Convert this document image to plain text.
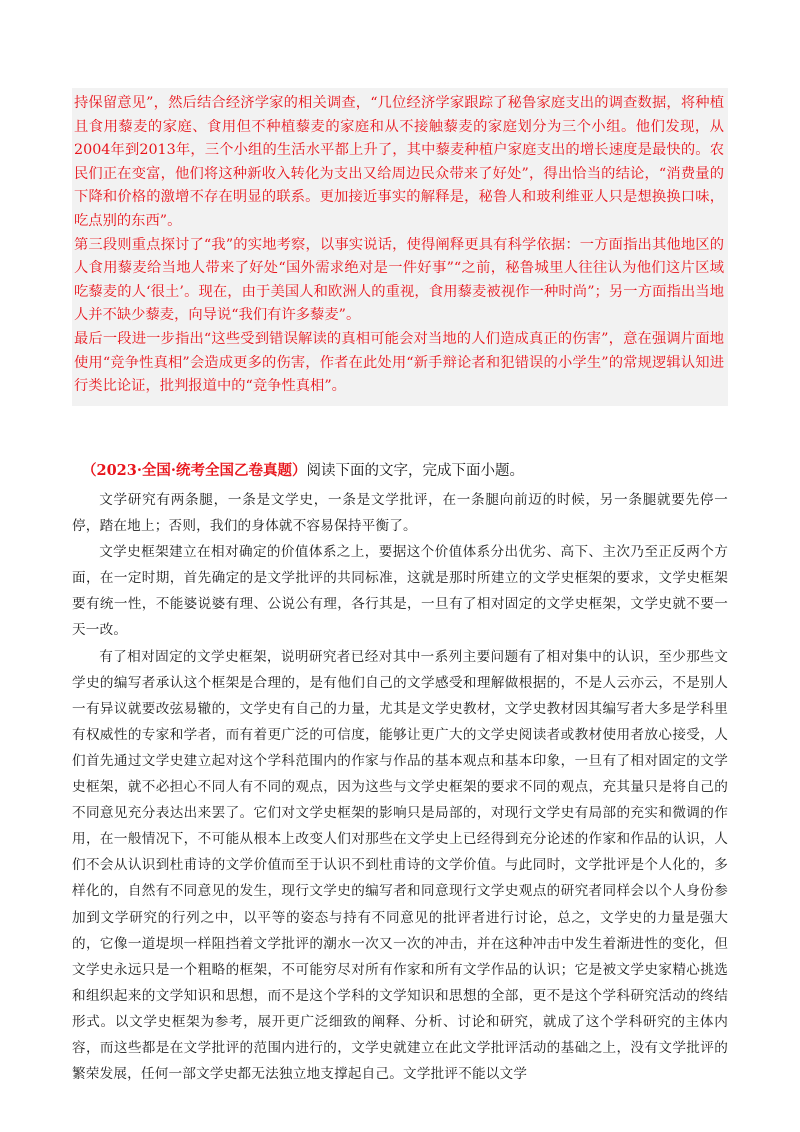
持保留意见”，然后结合经济学家的相关调查，“几位经济学家跟踪了秘鲁家庭支出的调查数据，将种植且食用藜麦的家庭、食用但不种植藜麦的家庭和从不接触藜麦的家庭划分为三个小组。他们发现，从2004年到2013年，三个小组的生活水平都上升了，其中藜麦种植户家庭支出的增长速度是最快的。农民们正在变富，他们将这种新收入转化为支出又给周边民众带来了好处”，得出恰当的结论，“消费量的下降和价格的激增不存在明显的联系。更加接近事实的解释是，秘鲁人和玻利维亚人只是想换换口味，吃点别的东西”。

第三段则重点探讨了“我”的实地考察，以事实说话，使得阐释更具有科学依据：一方面指出其他地区的人食用藜麦给当地人带来了好处“国外需求绝对是一件好事”“之前，秘鲁城里人往往认为他们这片区域吃藜麦的人‘很土’。现在，由于美国人和欧洲人的重视，食用藜麦被视作一种时尚”；另一方面指出当地人并不缺少藜麦，向导说“我们有许多藜麦”。

最后一段进一步指出“这些受到错误解读的真相可能会对当地的人们造成真正的伤害”，意在强调片面地使用“竞争性真相”会造成更多的伤害，作者在此处用“新手辩论者和犯错误的小学生”的常规逻辑认知进行类比论证，批判报道中的“竞争性真相”。

（2023·全国·统考全国乙卷真题）阅读下面的文字，完成下面小题。

文学研究有两条腿，一条是文学史，一条是文学批评，在一条腿向前迈的时候，另一条腿就要先停一停，踏在地上；否则，我们的身体就不容易保持平衡了。

文学史框架建立在相对确定的价值体系之上，要据这个价值体系分出优劣、高下、主次乃至正反两个方面，在一定时期，首先确定的是文学批评的共同标准，这就是那时所建立的文学史框架的要求，文学史框架要有统一性，不能婆说婆有理、公说公有理，各行其是，一旦有了相对固定的文学史框架，文学史就不要一天一改。

有了相对固定的文学史框架，说明研究者已经对其中一系列主要问题有了相对集中的认识，至少那些文学史的编写者承认这个框架是合理的，是有他们自己的文学感受和理解做根据的，不是人云亦云，不是别人一有异议就要改弦易辙的，文学史有自己的力量，尤其是文学史教材，文学史教材因其编写者大多是学科里有权威性的专家和学者，而有着更广泛的可信度，能够让更广大的文学史阅读者或教材使用者放心接受，人们首先通过文学史建立起对这个学科范围内的作家与作品的基本观点和基本印象，一旦有了相对固定的文学史框架，就不必担心不同人有不同的观点，因为这些与文学史框架的要求不同的观点，充其量只是将自己的不同意见充分表达出来罢了。它们对文学史框架的影响只是局部的，对现行文学史有局部的充实和微调的作用，在一般情况下，不可能从根本上改变人们对那些在文学史上已经得到充分论述的作家和作品的认识，人们不会从认识到杜甫诗的文学价值而至于认识不到杜甫诗的文学价值。与此同时，文学批评是个人化的，多样化的，自然有不同意见的发生，现行文学史的编写者和同意现行文学史观点的研究者同样会以个人身份参加到文学研究的行列之中，以平等的姿态与持有不同意见的批评者进行讨论，总之，文学史的力量是强大的，它像一道堤坝一样阻挡着文学批评的潮水一次又一次的冲击，并在这种冲击中发生着渐进性的变化，但文学史永远只是一个粗略的框架，不可能穷尽对所有作家和所有文学作品的认识；它是被文学史家精心挑选和组织起来的文学知识和思想，而不是这个学科的文学知识和思想的全部，更不是这个学科研究活动的终结形式。以文学史框架为参考，展开更广泛细致的阐释、分析、讨论和研究，就成了这个学科研究的主体内容，而这些都是在文学批评的范围内进行的，文学史就建立在此文学批评活动的基础之上，没有文学批评的繁荣发展，任何一部文学史都无法独立地支撑起自己。文学批评不能以文学
